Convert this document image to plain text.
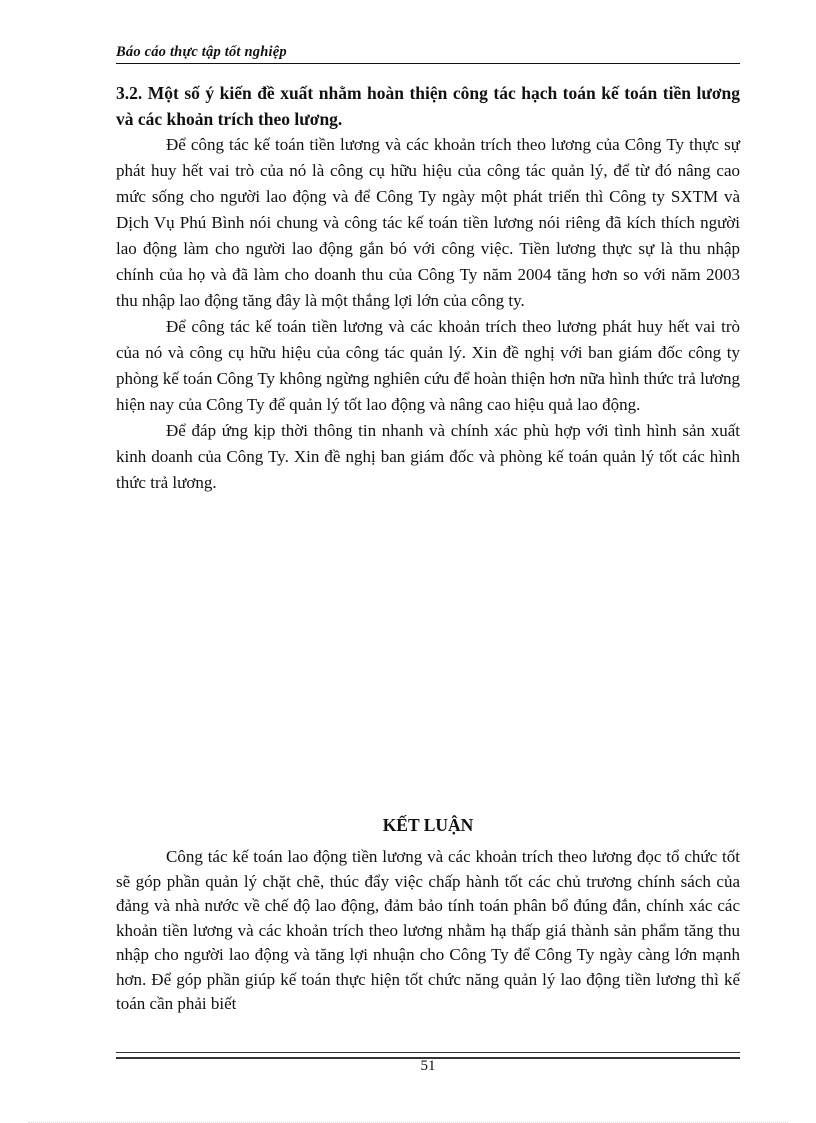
Báo cáo thực tập tốt nghiệp

3.2. Một số ý kiến đề xuất nhằm hoàn thiện công tác hạch toán kế toán tiền lương và các khoản trích theo lương.

Để công tác kế toán tiền lương và các khoản trích theo lương của Công Ty thực sự phát huy hết vai trò của nó là công cụ hữu hiệu của công tác quản lý, để từ đó nâng cao mức sống cho người lao động và để Công Ty ngày một phát triển thì Công ty SXTM và Dịch Vụ Phú Bình nói chung và công tác kế toán tiền lương nói riêng đã kích thích người lao động làm cho người lao động gắn bó với công việc. Tiền lương thực sự là thu nhập chính của họ và đã làm cho doanh thu của Công Ty năm 2004 tăng hơn so với năm 2003 thu nhập lao động tăng đây là một thắng lợi lớn của công ty.

Để công tác kế toán tiền lương và các khoản trích theo lương phát huy hết vai trò của nó và công cụ hữu hiệu của công tác quản lý. Xin đề nghị với ban giám đốc công ty phòng kế toán Công Ty không ngừng nghiên cứu để hoàn thiện hơn nữa hình thức trả lương hiện nay của Công Ty để quản lý tốt lao động và nâng cao hiệu quả lao động.

Để đáp ứng kịp thời thông tin nhanh và chính xác phù hợp với tình hình sản xuất kinh doanh của Công Ty. Xin đề nghị ban giám đốc và phòng kế toán quản lý tốt các hình thức trả lương.

KẾT LUẬN

Công tác kế toán lao động tiền lương và các khoản trích theo lương đọc tổ chức tốt sẽ góp phần quản lý chặt chẽ, thúc đẩy việc chấp hành tốt các chủ trương chính sách của đảng và nhà nước về chế độ lao động, đảm bảo tính toán phân bổ đúng đắn, chính xác các khoản tiền lương và các khoản trích theo lương nhằm hạ thấp giá thành sản phẩm tăng thu nhập cho người lao động và tăng lợi nhuận cho Công Ty để Công Ty ngày càng lớn mạnh hơn. Để góp phần giúp kế toán thực hiện tốt chức năng quản lý lao động tiền lương thì kế toán cần phải biết

51
